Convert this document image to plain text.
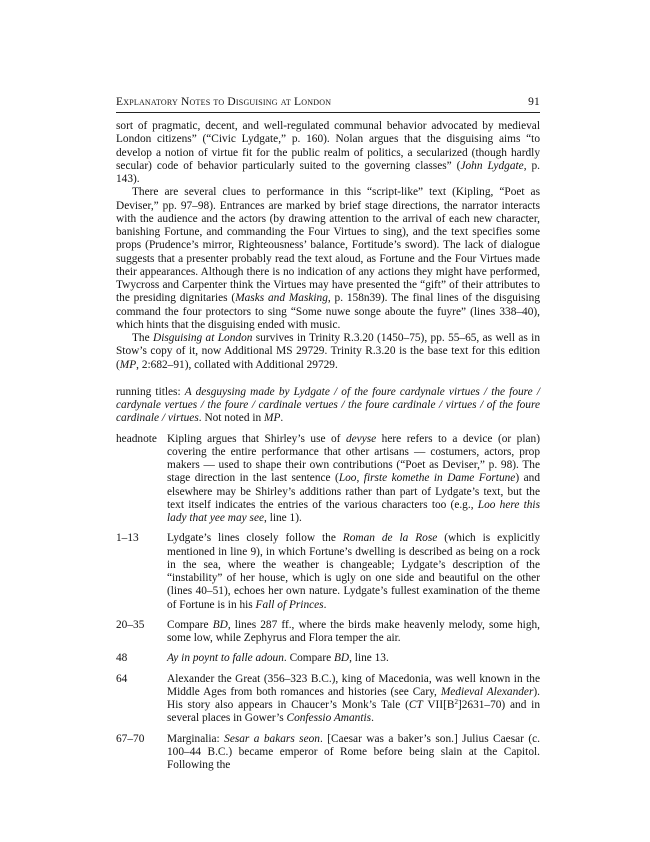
Explanatory Notes to Disguising at London	91

sort of pragmatic, decent, and well-regulated communal behavior advocated by medieval London citizens” (“Civic Lydgate,” p. 160). Nolan argues that the disguising aims “to develop a notion of virtue fit for the public realm of politics, a secularized (though hardly secular) code of behavior particularly suited to the governing classes” (John Lydgate, p. 143).

There are several clues to performance in this “script-like” text (Kipling, “Poet as Deviser,” pp. 97–98). Entrances are marked by brief stage directions, the narrator interacts with the audience and the actors (by drawing attention to the arrival of each new character, banishing Fortune, and commanding the Four Virtues to sing), and the text specifies some props (Prudence’s mirror, Righteousness’ balance, Fortitude’s sword). The lack of dialogue suggests that a presenter probably read the text aloud, as Fortune and the Four Virtues made their appearances. Although there is no indication of any actions they might have performed, Twycross and Carpenter think the Virtues may have presented the “gift” of their attributes to the presiding dignitaries (Masks and Masking, p. 158n39). The final lines of the disguising command the four protectors to sing “Some nuwe songe aboute the fuyre” (lines 338–40), which hints that the disguising ended with music.

The Disguising at London survives in Trinity R.3.20 (1450–75), pp. 55–65, as well as in Stow’s copy of it, now Additional MS 29729. Trinity R.3.20 is the base text for this edition (MP, 2:682–91), collated with Additional 29729.

running titles: A desguysing made by Lydgate / of the foure cardynale virtues / the foure / cardynale vertues / the foure / cardinale vertues / the foure cardinale / virtues / of the foure cardinale / virtues. Not noted in MP.

headnote Kipling argues that Shirley’s use of devyse here refers to a device (or plan) covering the entire performance that other artisans — costumers, actors, prop makers — used to shape their own contributions (“Poet as Deviser,” p. 98). The stage direction in the last sentence (Loo, firste komethe in Dame Fortune) and elsewhere may be Shirley’s additions rather than part of Lydgate’s text, but the text itself indicates the entries of the various characters too (e.g., Loo here this lady that yee may see, line 1).
1–13	Lydgate’s lines closely follow the Roman de la Rose (which is explicitly mentioned in line 9), in which Fortune’s dwelling is described as being on a rock in the sea, where the weather is changeable; Lydgate’s description of the “instability” of her house, which is ugly on one side and beautiful on the other (lines 40–51), echoes her own nature. Lydgate’s fullest examination of the theme of Fortune is in his Fall of Princes.
20–35	Compare BD, lines 287 ff., where the birds make heavenly melody, some high, some low, while Zephyrus and Flora temper the air.
48	Ay in poynt to falle adoun. Compare BD, line 13.
64	Alexander the Great (356–323 B.C.), king of Macedonia, was well known in the Middle Ages from both romances and histories (see Cary, Medieval Alexander). His story also appears in Chaucer’s Monk’s Tale (CT $VII[B^2]2631-70$) and in several places in Gower’s Confessio Amantis.
67–70	Marginalia: Sesar a bakars seon. [Caesar was a baker’s son.] Julius Caesar (c. 100–44 B.C.) became emperor of Rome before being slain at the Capitol. Following the
